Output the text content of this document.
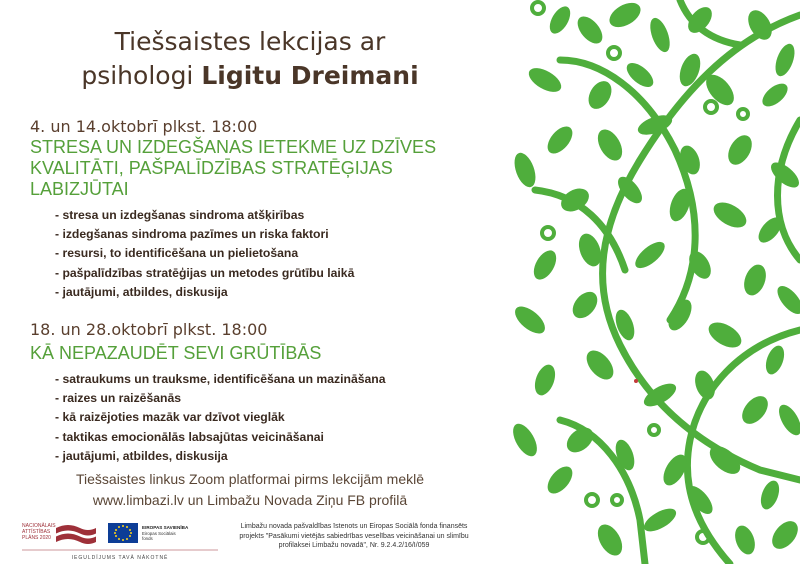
Tiešsaistes lekcijas ar
psihologi Ligitu Dreimani
4. un 14.oktobrī plkst. 18:00
STRESA UN IZDEGŠANAS IETEKME UZ DZĪVES
KVALITĀTI, PAŠPALĪDZĪBAS STRATĒĢIJAS
LABIZJŪTAI
- stresa un izdegšanas sindroma atšķirības
- izdegšanas sindroma pazīmes un riska faktori
- resursi, to identificēšana un pielietošana
- pašpalīdzības stratēģijas un metodes grūtību laikā
- jautājumi, atbildes, diskusija
18. un 28.oktobrī plkst. 18:00
KĀ NEPAZAUDĒT SEVI GRŪTĪBĀS
- satraukums un trauksme, identificēšana un mazināšana
- raizes un raizēšanās
- kā raizējoties mazāk var dzīvot vieglāk
- taktikas emocionālās labsajūtas veicināšanai
- jautājumi, atbildes, diskusija
Tiešsaistes linkus Zoom platformai pirms lekcijām meklē
www.limbazi.lv un Limbažu Novada Ziņu FB profilā
NACIONĀLAIS
ATTĪSTĪBAS
PLĀNS 2020
EIROPAS SAVIENĪBA
Eiropas Sociālais
fonds
IEGULDĪJUMS TAVĀ NĀKOTNĒ
Limbažu novada pašvaldības īstenots un Eiropas Sociālā fonda finansēts
projekts "Pasākumi vietējās sabiedrības veselības veicināšanai un slimību
profilaksei Limbažu novadā", Nr. 9.2.4.2/16/I/059
